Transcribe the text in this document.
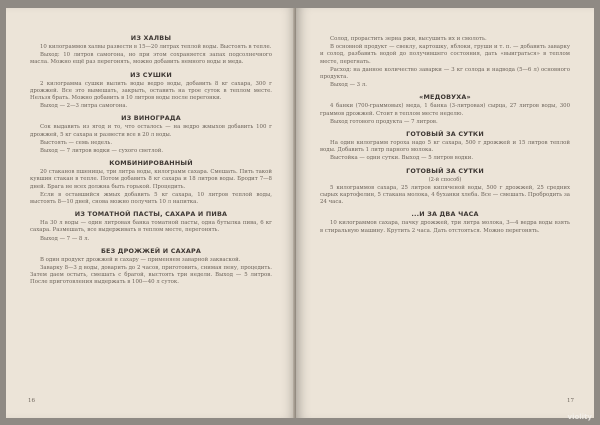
ИЗ ХАЛВЫ

10 килограммов халвы развести в 15—20 литрах теплой воды. Выстоять в тепле.

Выход: 10 литров самогона, но при этом сохраняется запах подсолнечного масла. Можно ещё раз перегонять, можно добавить немного воды и меда.

ИЗ СУШКИ

2 килограмма сушки вылить воды ведро воды, добавить 8 кг сахара, 300 г дрожжей. Все это вымешать, закрыть, оставить на трое суток в теплом месте. Нельзя брать. Можно добавить в 10 литров воды после перегонки.

Выход — 2—3 литра самогона.

ИЗ ВИНОГРАДА

Сок выдавить из ягод и то, что осталось — на ведро жмыхов добавить 100 г дрожжей, 5 кг сахара и развести все в 20 л воды.

Выстоять — семь недель.

Выход — 7 литров водки — сухого светлой.

КОМБИНИРОВАННЫЙ

20 стаканов пшеницы, три литра воды, килограмм сахара. Смешать. Пить такой кувшин стакан в тепле. Потом добавить 8 кг сахара и 18 литров воды. Бродит 7—8 дней. Брага не всех должна быть горькой. Процедить.

Если в оставшийся жмых добавить 5 кг сахара, 10 литров теплой воды, выстоять 8—10 дней, снова можно получить 10 л напитка.

ИЗ ТОМАТНОЙ ПАСТЫ, САХАРА И ПИВА

На 30 л воды — один литровая банка томатной пасты, одна бутылка пива, 6 кг сахара. Размешать, все выдерживать в теплом месте, перегонять.

Выход — 7 — 8 л.

БЕЗ ДРОЖЖЕЙ И САХАРА

В один продукт дрожжей и сахару — применяем заварной закваской.

Заварку 8—3 д воды, доварить до 2 часов, приготовить, снимая пену, процедить. Затем даем остыть, смешать с брагой, выстоять три недели. Выход — 5 литров. После приготовления выдержать в 100—40 л суток.

16

Солод, прорастить зерна ржи, высушить их и смолоть.

В основной продукт — свеклу, картошку, яблоки, груши и т. п. — добавить заварку и солод, разбавить водой до получившего состояния, дать «выиграться» в теплом месте, перегнать.

Расход: на данное количество заварки — 3 кг солода и надвода (5—6 л) основного продукта.

Выход — 3 л.

«МЕДОВУХА»

4 банки (700-граммовых) меда, 1 банка (3-литровая) сырца, 27 литров воды, 300 граммов дрожжей. Стоит в теплом месте неделю.

Выход готового продукта — 7 литров.

ГОТОВЫЙ ЗА СУТКИ

На один килограмм гороха надо 5 кг сахара, 500 г дрожжей и 15 литров теплой воды. Добавить 1 литр парного молока.

Выстойка — одни сутки. Выход — 5 литров водки.

ГОТОВЫЙ ЗА СУТКИ

(2-й способ)

5 килограммов сахара, 25 литров кипяченой воды, 500 г дрожжей, 25 средних сырых картофелин, 5 стакана молока, 4 буханки хлеба. Все — смешать. Пробродить за 24 часа.

...И ЗА ДВА ЧАСА

10 килограммов сахара, пачку дрожжей, три литра молока, 3—4 ведра воды взять в стиральную машину. Крутить 2 часа. Дать отстояться. Можно перегонять.

17
violity
